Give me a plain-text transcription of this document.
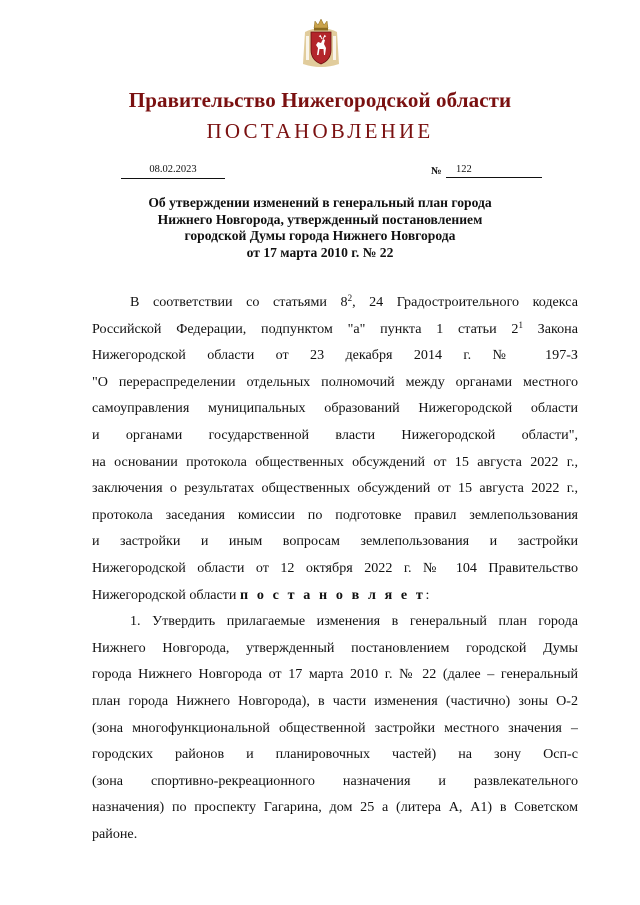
Правительство Нижегородской области
ПОСТАНОВЛЕНИЕ
08.02.2023	№	122
Об утверждении изменений в генеральный план города
Нижнего Новгорода, утвержденный постановлением
городской Думы города Нижнего Новгорода
от 17 марта 2010 г. № 22
В соответствии со статьями $8^2$, 24 Градостроительного кодекса
Российской Федерации, подпунктом "а" пункта 1 статьи $2^1$ Закона
Нижегородской области от 23 декабря 2014 г. № 197-З
"О перераспределении отдельных полномочий между органами местного
самоуправления муниципальных образований Нижегородской области
и органами государственной власти Нижегородской области",
на основании протокола общественных обсуждений от 15 августа 2022 г.,
заключения о результатах общественных обсуждений от 15 августа 2022 г.,
протокола заседания комиссии по подготовке правил землепользования
и застройки и иным вопросам землепользования и застройки
Нижегородской области от 12 октября 2022 г. № 104 Правительство
Нижегородской области п о с т а н о в л я е т:
1. Утвердить прилагаемые изменения в генеральный план города
Нижнего Новгорода, утвержденный постановлением городской Думы
города Нижнего Новгорода от 17 марта 2010 г. № 22 (далее – генеральный
план города Нижнего Новгорода), в части изменения (частично) зоны О-2
(зона многофункциональной общественной застройки местного значения –
городских районов и планировочных частей) на зону Осп-с
(зона спортивно-рекреационного назначения и развлекательного
назначения) по проспекту Гагарина, дом 25 а (литера А, А1) в Советском
районе.
